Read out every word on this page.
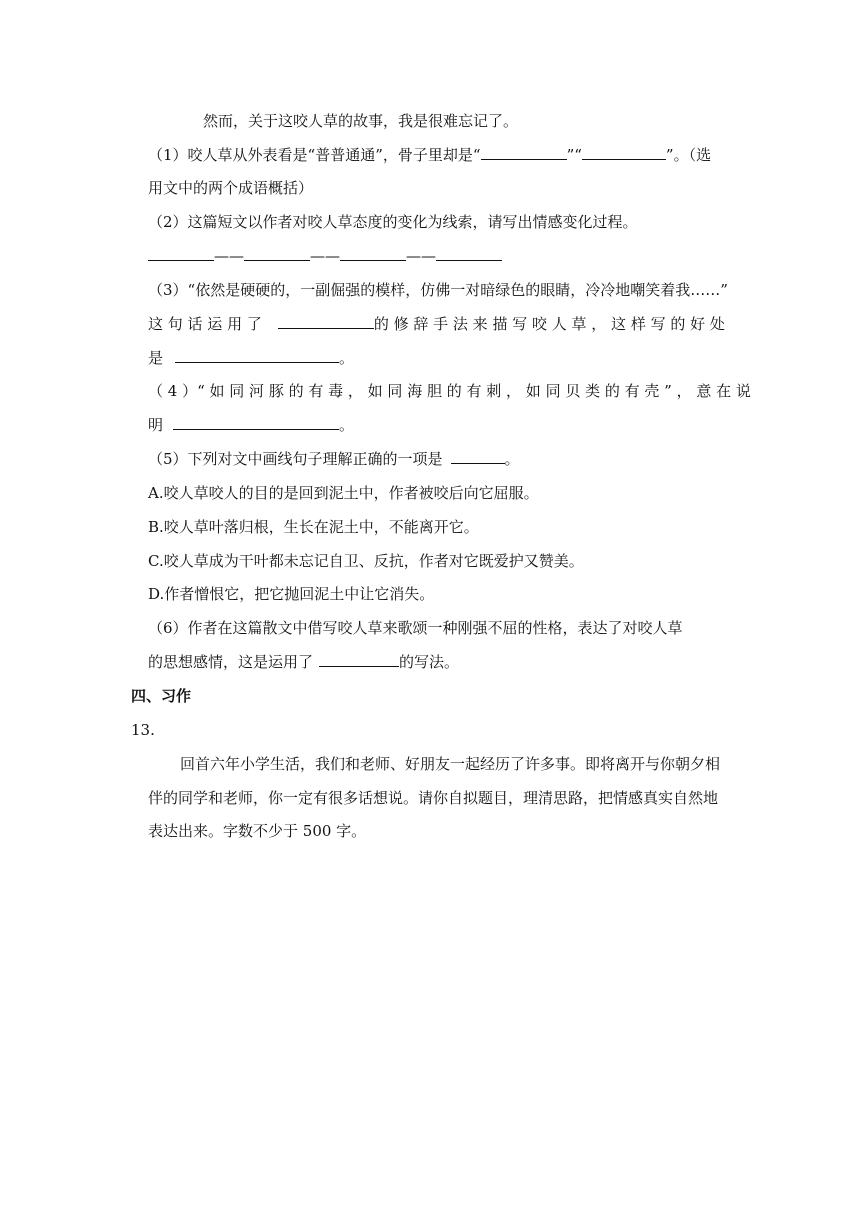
然而，关于这咬人草的故事，我是很难忘记了。
（1）咬人草从外表看是“普普通通”，骨子里却是“	”“	”。（选
用文中的两个成语概括）
（2）这篇短文以作者对咬人草态度的变化为线索，请写出情感变化过程。
——	——	——
（3）“依然是硬硬的，一副倔强的模样，仿佛一对暗绿色的眼睛，冷冷地嘲笑着我……”
这 句 话 运 用 了	的 修 辞 手 法 来 描 写 咬 人 草 ， 这 样 写 的 好 处
是	。
（ 4 ）“ 如 同 河 豚 的 有 毒 ， 如 同 海 胆 的 有 刺 ， 如 同 贝 类 的 有 壳 ” ， 意 在 说
明	。
（5）下列对文中画线句子理解正确的一项是	。
A.咬人草咬人的目的是回到泥土中，作者被咬后向它屈服。
B.咬人草叶落归根，生长在泥土中，不能离开它。
C.咬人草成为干叶都未忘记自卫、反抗，作者对它既爱护又赞美。
D.作者憎恨它，把它抛回泥土中让它消失。
（6）作者在这篇散文中借写咬人草来歌颂一种刚强不屈的性格，表达了对咬人草
的思想感情，这是运用了	的写法。
四、习作
13.
回首六年小学生活，我们和老师、好朋友一起经历了许多事。即将离开与你朝夕相
伴的同学和老师，你一定有很多话想说。请你自拟题目，理清思路，把情感真实自然地
表达出来。字数不少于 500 字。
